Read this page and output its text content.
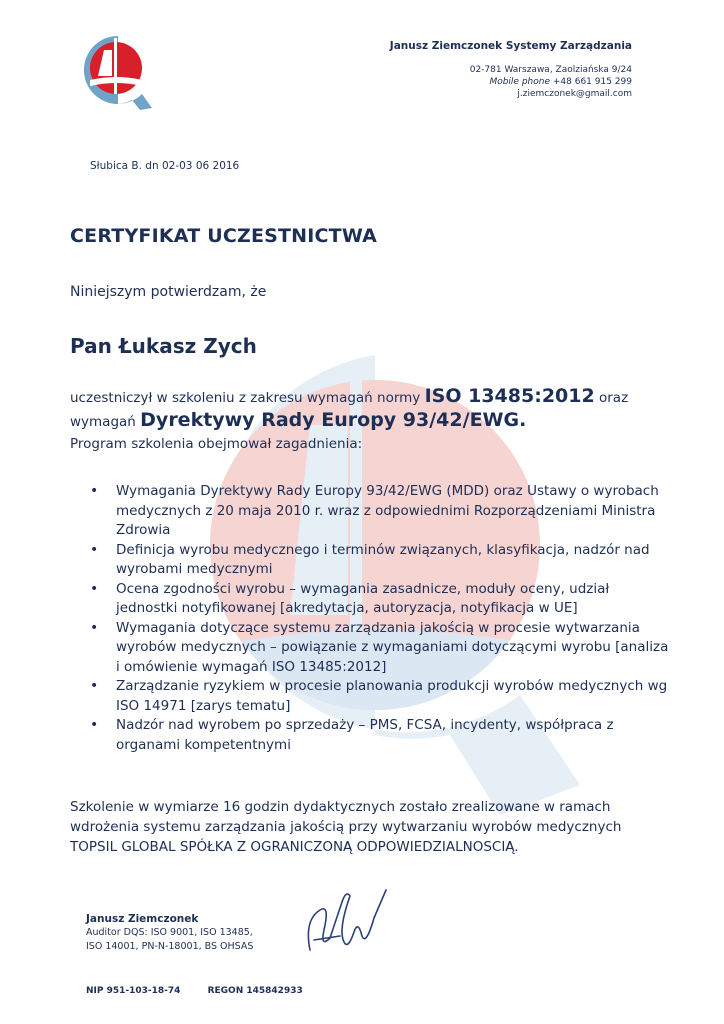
Janusz Ziemczonek Systemy Zarządzania
02-781 Warszawa, Zaolziańska 9/24
Mobile phone +48 661 915 299
j.ziemczonek@gmail.com
Słubica B. dn 02-03 06 2016
CERTYFIKAT UCZESTNICTWA
Niniejszym potwierdzam, że
Pan Łukasz Zych
uczestniczył w szkoleniu z zakresu wymagań normy ISO 13485:2012 oraz
wymagań Dyrektywy Rady Europy 93/42/EWG.
Program szkolenia obejmował zagadnienia:
• Wymagania Dyrektywy Rady Europy 93/42/EWG (MDD) oraz Ustawy o wyrobach medycznych z 20 maja 2010 r. wraz z odpowiednimi Rozporządzeniami Ministra Zdrowia
• Definicja wyrobu medycznego i terminów związanych, klasyfikacja, nadzór nad wyrobami medycznymi
• Ocena zgodności wyrobu – wymagania zasadnicze, moduły oceny, udział jednostki notyfikowanej [akredytacja, autoryzacja, notyfikacja w UE]
• Wymagania dotyczące systemu zarządzania jakością w procesie wytwarzania wyrobów medycznych – powiązanie z wymaganiami dotyczącymi wyrobu [analiza i omówienie wymagań ISO 13485:2012]
• Zarządzanie ryzykiem w procesie planowania produkcji wyrobów medycznych wg ISO 14971 [zarys tematu]
• Nadzór nad wyrobem po sprzedaży – PMS, FCSA, incydenty, współpraca z organami kompetentnymi
Szkolenie w wymiarze 16 godzin dydaktycznych zostało zrealizowane w ramach
wdrożenia systemu zarządzania jakością przy wytwarzaniu wyrobów medycznych
TOPSIL GLOBAL SPÓŁKA Z OGRANICZONĄ ODPOWIEDZIALNOSCIĄ.
Janusz Ziemczonek
Auditor DQS: ISO 9001, ISO 13485,
ISO 14001, PN-N-18001, BS OHSAS
NIP 951-103-18-74	REGON 145842933
